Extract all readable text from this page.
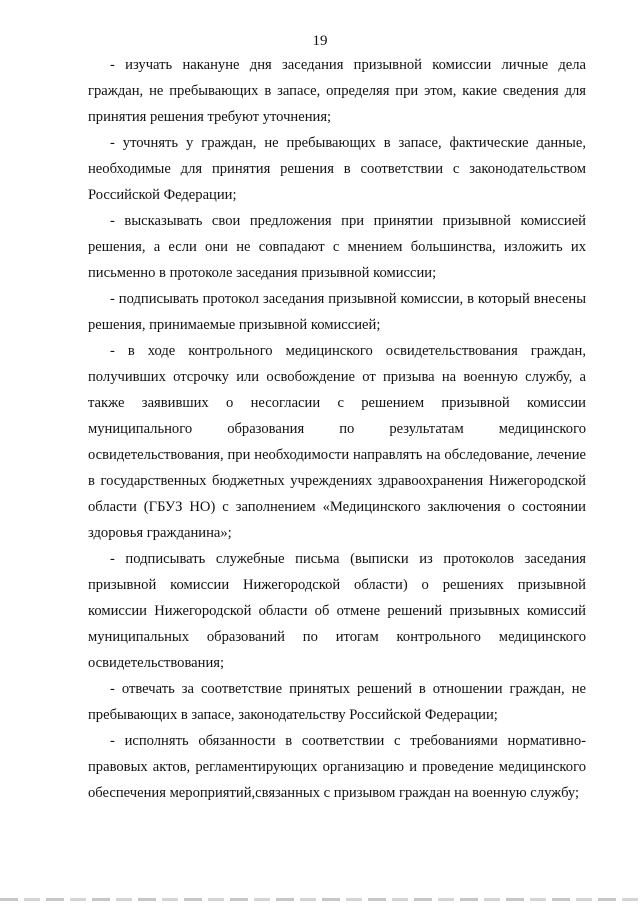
19

- изучать накануне дня заседания призывной комиссии личные дела граждан, не пребывающих в запасе, определяя при этом, какие сведения для принятия решения требуют уточнения;

- уточнять у граждан, не пребывающих в запасе, фактические данные, необходимые для принятия решения в соответствии с законодательством Российской Федерации;

- высказывать свои предложения при принятии призывной комиссией решения, а если они не совпадают с мнением большинства, изложить их письменно в протоколе заседания призывной комиссии;

- подписывать протокол заседания призывной комиссии, в который внесены решения, принимаемые призывной комиссией;

- в ходе контрольного медицинского освидетельствования граждан, получивших отсрочку или освобождение от призыва на военную службу, а также заявивших о несогласии с решением призывной комиссии муниципального образования по результатам медицинского освидетельствования, при необходимости направлять на обследование, лечение в государственных бюджетных учреждениях здравоохранения Нижегородской области (ГБУЗ НО) с заполнением «Медицинского заключения о состоянии здоровья гражданина»;

- подписывать служебные письма (выписки из протоколов заседания призывной комиссии Нижегородской области) о решениях призывной комиссии Нижегородской области об отмене решений призывных комиссий муниципальных образований по итогам контрольного медицинского освидетельствования;

- отвечать за соответствие принятых решений в отношении граждан, не пребывающих в запасе, законодательству Российской Федерации;

- исполнять обязанности в соответствии с требованиями нормативно-правовых актов, регламентирующих организацию и проведение медицинского обеспечения мероприятий,связанных с призывом граждан на военную службу;
